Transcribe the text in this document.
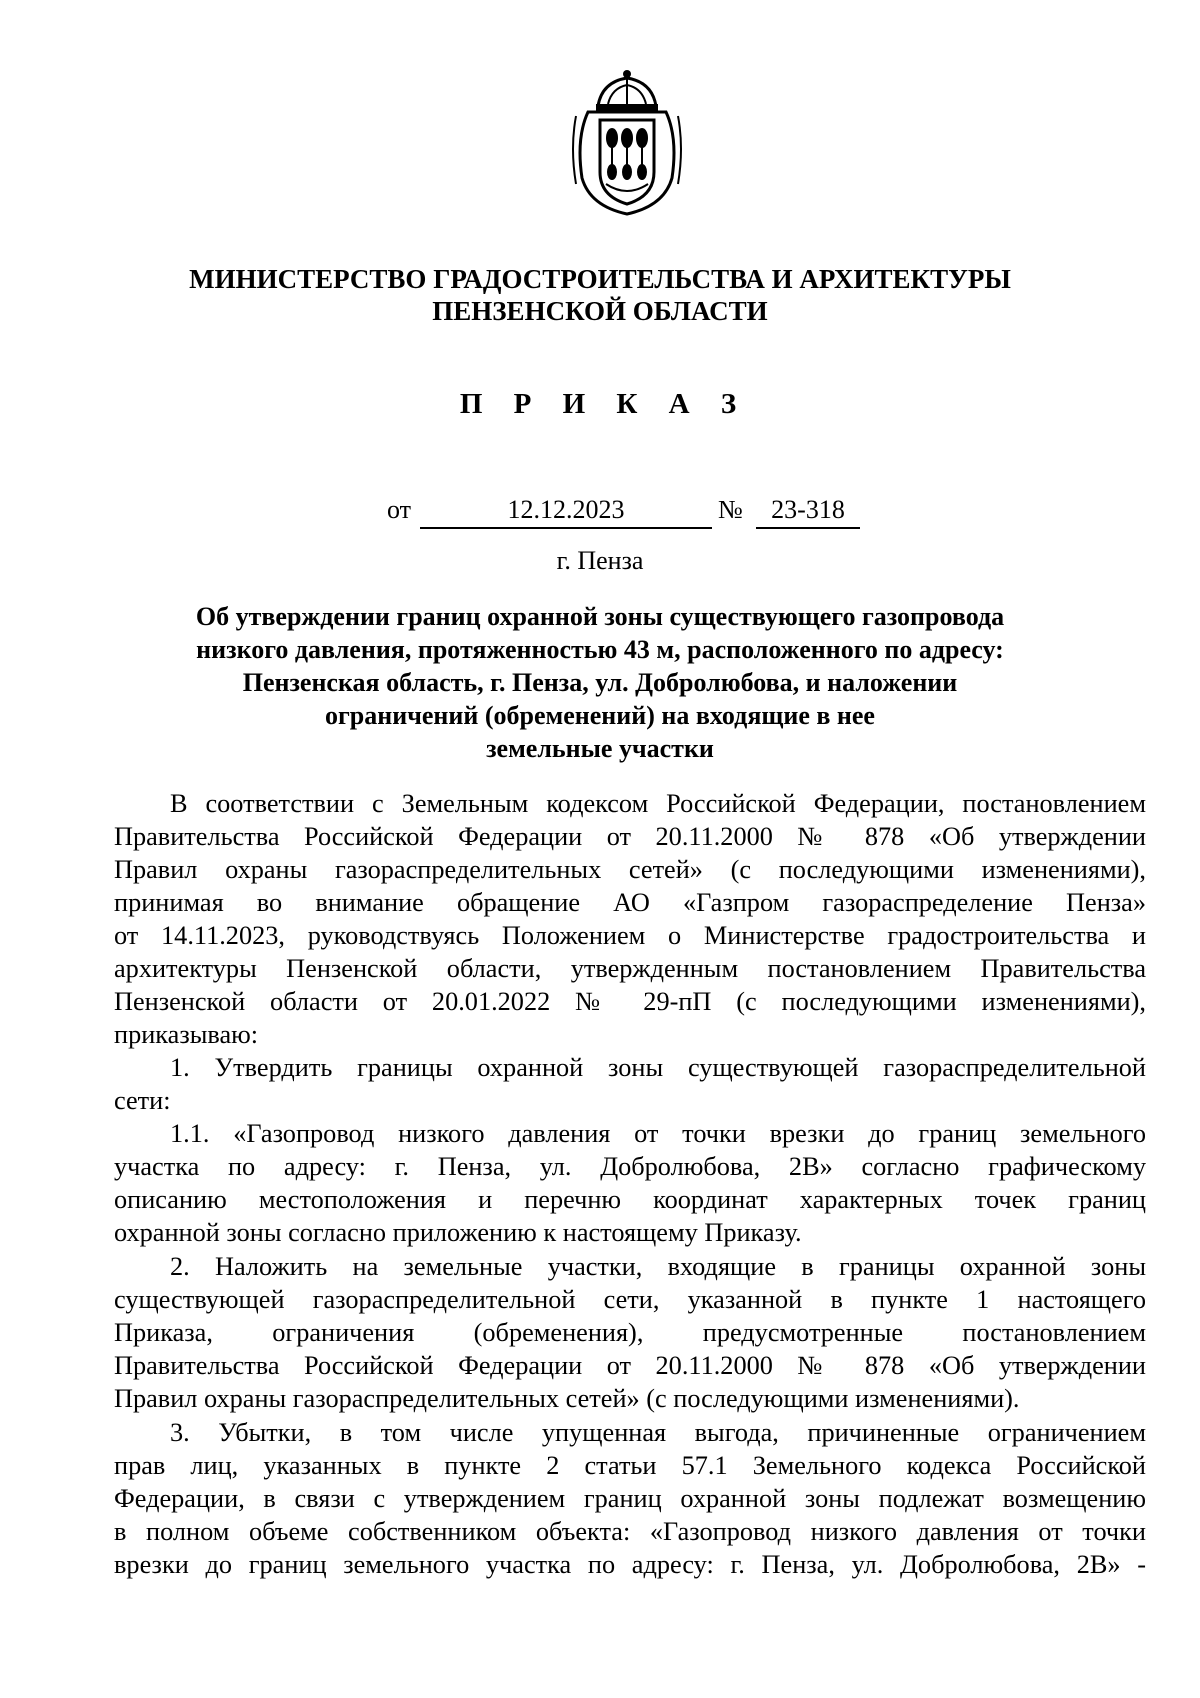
МИНИСТЕРСТВО ГРАДОСТРОИТЕЛЬСТВА И АРХИТЕКТУРЫ
ПЕНЗЕНСКОЙ ОБЛАСТИ
П Р И К А З
от	12.12.2023	№	23-318
г. Пенза
Об утверждении границ охранной зоны существующего газопровода
низкого давления, протяженностью 43 м, расположенного по адресу:
Пензенская область, г. Пенза, ул. Добролюбова, и наложении
ограничений (обременений) на входящие в нее
земельные участки
В соответствии с Земельным кодексом Российской Федерации, постановлением
Правительства Российской Федерации от 20.11.2000 № 878 «Об утверждении
Правил охраны газораспределительных сетей» (с последующими изменениями),
принимая во внимание обращение АО «Газпром газораспределение Пенза»
от 14.11.2023, руководствуясь Положением о Министерстве градостроительства и
архитектуры Пензенской области, утвержденным постановлением Правительства
Пензенской области от 20.01.2022 № 29-пП (с последующими изменениями),
приказываю:
1. Утвердить границы охранной зоны существующей газораспределительной
сети:
1.1. «Газопровод низкого давления от точки врезки до границ земельного
участка по адресу: г. Пенза, ул. Добролюбова, 2В» согласно графическому
описанию местоположения и перечню координат характерных точек границ
охранной зоны согласно приложению к настоящему Приказу.
2. Наложить на земельные участки, входящие в границы охранной зоны
существующей газораспределительной сети, указанной в пункте 1 настоящего
Приказа, ограничения (обременения), предусмотренные постановлением
Правительства Российской Федерации от 20.11.2000 № 878 «Об утверждении
Правил охраны газораспределительных сетей» (с последующими изменениями).
3. Убытки, в том числе упущенная выгода, причиненные ограничением
прав лиц, указанных в пункте 2 статьи 57.1 Земельного кодекса Российской
Федерации, в связи с утверждением границ охранной зоны подлежат возмещению
в полном объеме собственником объекта: «Газопровод низкого давления от точки
врезки до границ земельного участка по адресу: г. Пенза, ул. Добролюбова, 2В» -
